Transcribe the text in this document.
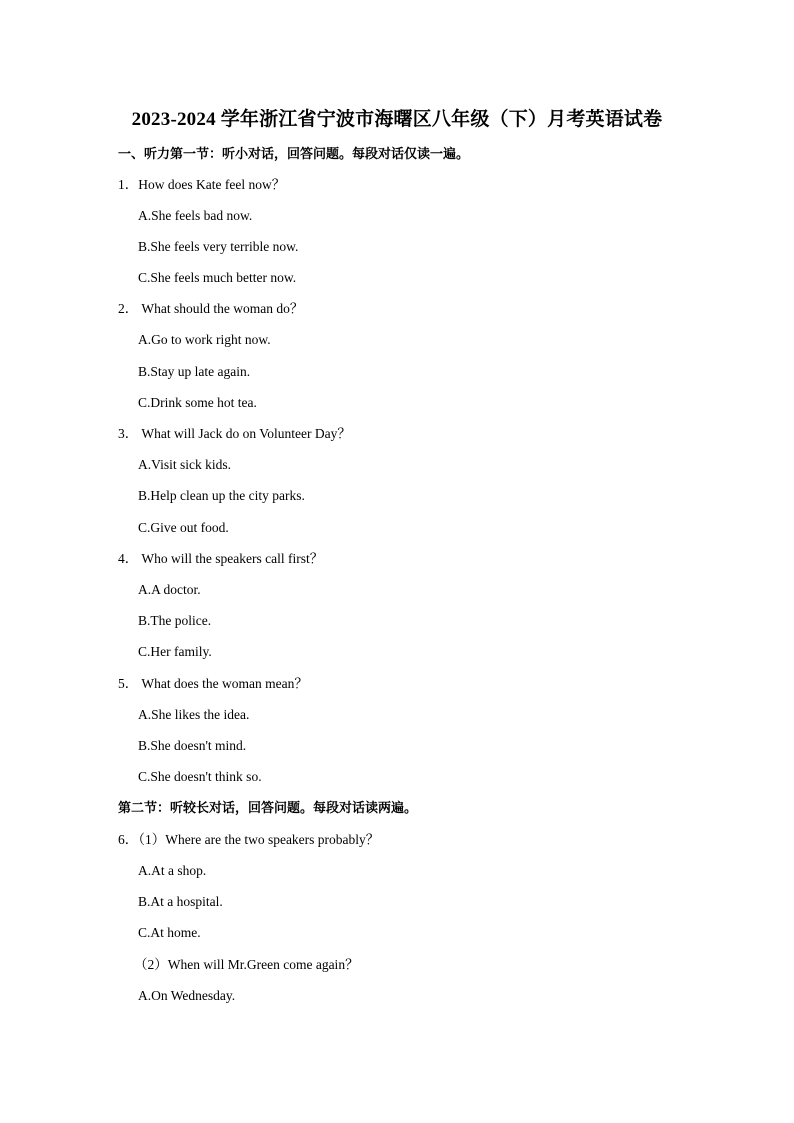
2023-2024 学年浙江省宁波市海曙区八年级（下）月考英语试卷
一、听力第一节：听小对话，回答问题。每段对话仅读一遍。
1．How does Kate feel now？
A.She feels bad now.
B.She feels very terrible now.
C.She feels much better now.
2． What should the woman do？
A.Go to work right now.
B.Stay up late again.
C.Drink some hot tea.
3． What will Jack do on Volunteer Day？
A.Visit sick kids.
B.Help clean up the city parks.
C.Give out food.
4． Who will the speakers call first？
A.A doctor.
B.The police.
C.Her family.
5． What does the woman mean？
A.She likes the idea.
B.She doesn't mind.
C.She doesn't think so.
第二节：听较长对话，回答问题。每段对话读两遍。
6．（1）Where are the two speakers probably？
A.At a shop.
B.At a hospital.
C.At home.
（2）When will Mr.Green come again？
A.On Wednesday.
